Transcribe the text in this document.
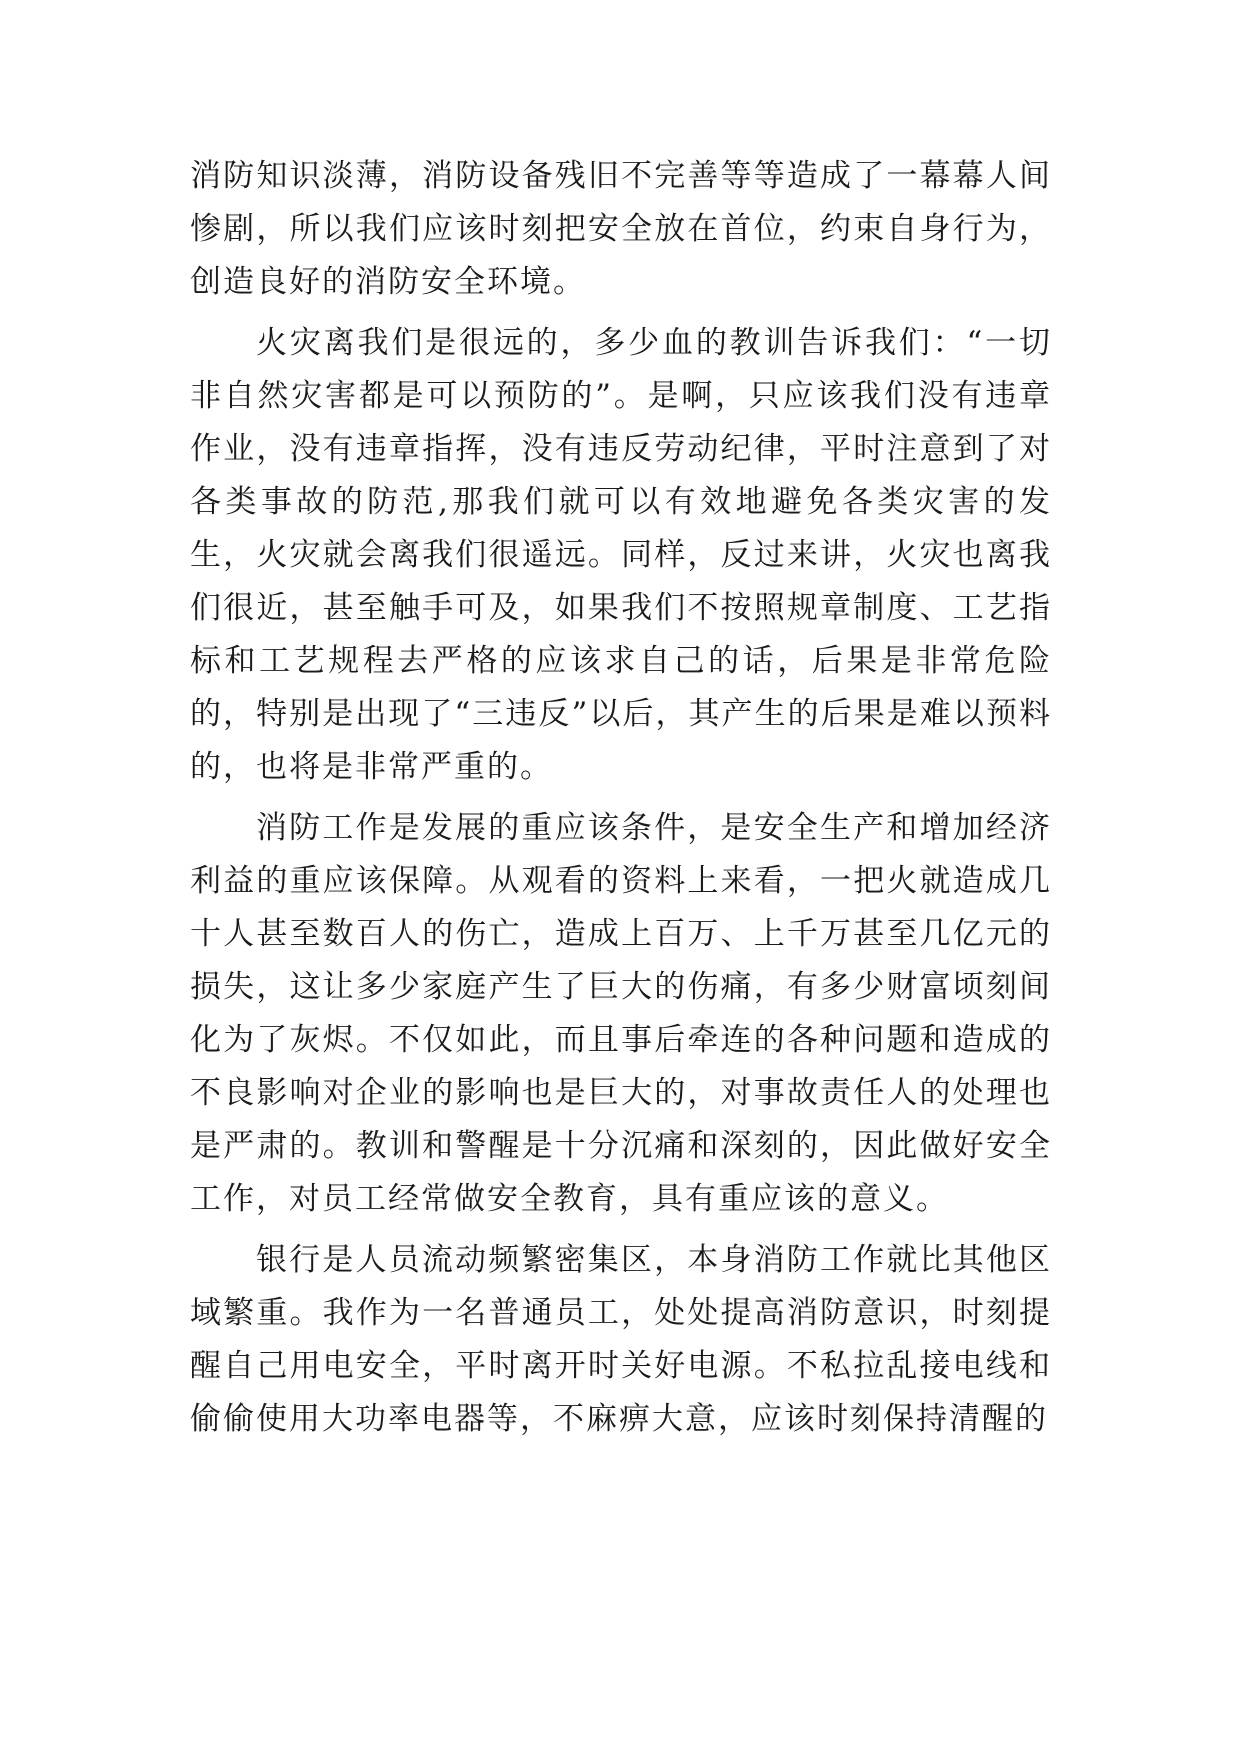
消防知识淡薄，消防设备残旧不完善等等造成了一幕幕人间惨剧，所以我们应该时刻把安全放在首位，约束自身行为，创造良好的消防安全环境。

火灾离我们是很远的，多少血的教训告诉我们：“一切非自然灾害都是可以预防的”。是啊，只应该我们没有违章作业，没有违章指挥，没有违反劳动纪律，平时注意到了对各类事故的防范,那我们就可以有效地避免各类灾害的发生，火灾就会离我们很遥远。同样，反过来讲，火灾也离我们很近，甚至触手可及，如果我们不按照规章制度、工艺指标和工艺规程去严格的应该求自己的话，后果是非常危险的，特别是出现了“三违反”以后，其产生的后果是难以预料的，也将是非常严重的。

消防工作是发展的重应该条件，是安全生产和增加经济利益的重应该保障。从观看的资料上来看，一把火就造成几十人甚至数百人的伤亡，造成上百万、上千万甚至几亿元的损失，这让多少家庭产生了巨大的伤痛，有多少财富顷刻间化为了灰烬。不仅如此，而且事后牵连的各种问题和造成的不良影响对企业的影响也是巨大的，对事故责任人的处理也是严肃的。教训和警醒是十分沉痛和深刻的，因此做好安全工作，对员工经常做安全教育，具有重应该的意义。

银行是人员流动频繁密集区，本身消防工作就比其他区域繁重。我作为一名普通员工，处处提高消防意识，时刻提醒自己用电安全，平时离开时关好电源。不私拉乱接电线和偷偷使用大功率电器等，不麻痹大意，应该时刻保持清醒的
